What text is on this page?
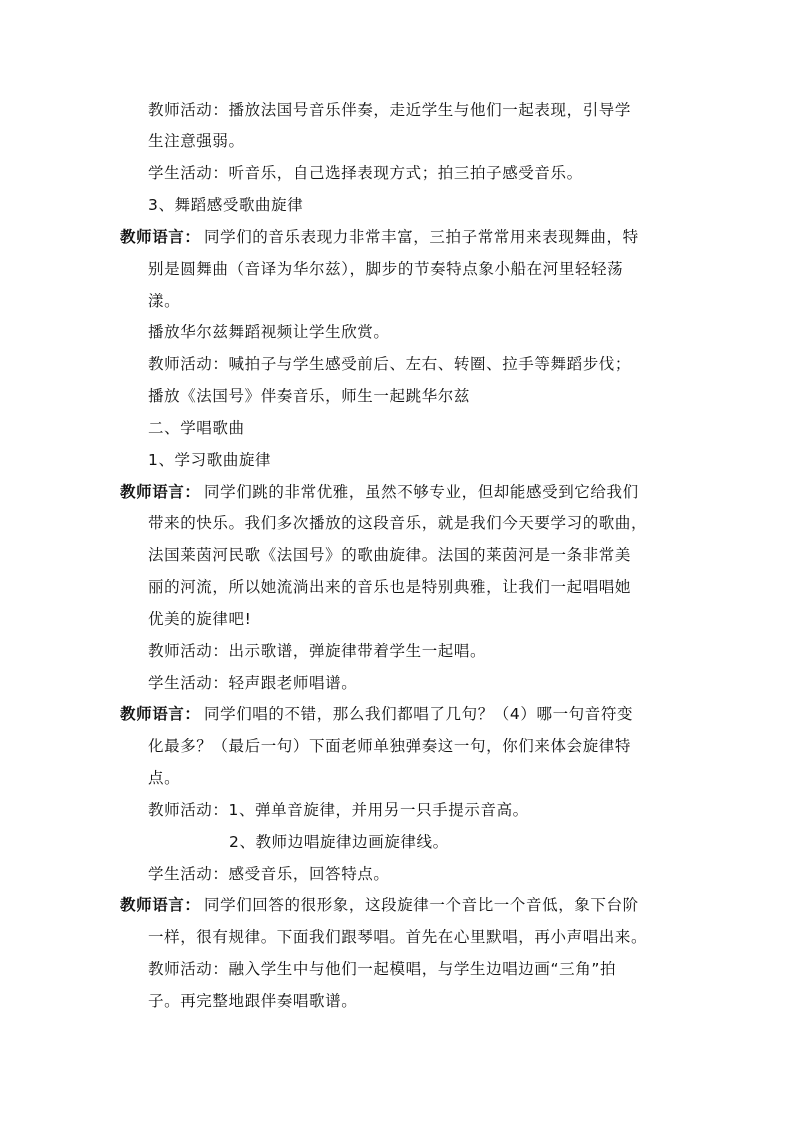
教师活动：播放法国号音乐伴奏，走近学生与他们一起表现，引导学
生注意强弱。
学生活动：听音乐，自己选择表现方式；拍三拍子感受音乐。
3、舞蹈感受歌曲旋律
教师语言： 同学们的音乐表现力非常丰富，三拍子常常用来表现舞曲，特
别是圆舞曲（音译为华尔兹），脚步的节奏特点象小船在河里轻轻荡
漾。
播放华尔兹舞蹈视频让学生欣赏。
教师活动：喊拍子与学生感受前后、左右、转圈、拉手等舞蹈步伐；
播放《法国号》伴奏音乐，师生一起跳华尔兹
二、学唱歌曲
1、学习歌曲旋律
教师语言： 同学们跳的非常优雅，虽然不够专业，但却能感受到它给我们
带来的快乐。我们多次播放的这段音乐，就是我们今天要学习的歌曲，
法国莱茵河民歌《法国号》的歌曲旋律。法国的莱茵河是一条非常美
丽的河流，所以她流淌出来的音乐也是特别典雅，让我们一起唱唱她
优美的旋律吧!
教师活动：出示歌谱，弹旋律带着学生一起唱。
学生活动：轻声跟老师唱谱。
教师语言： 同学们唱的不错，那么我们都唱了几句？（4）哪一句音符变
化最多？（最后一句）下面老师单独弹奏这一句，你们来体会旋律特
点。
教师活动：1、弹单音旋律，并用另一只手提示音高。
2、教师边唱旋律边画旋律线。
学生活动：感受音乐，回答特点。
教师语言： 同学们回答的很形象，这段旋律一个音比一个音低，象下台阶
一样，很有规律。下面我们跟琴唱。首先在心里默唱，再小声唱出来。
教师活动：融入学生中与他们一起模唱，与学生边唱边画“三角”拍
子。再完整地跟伴奏唱歌谱。
